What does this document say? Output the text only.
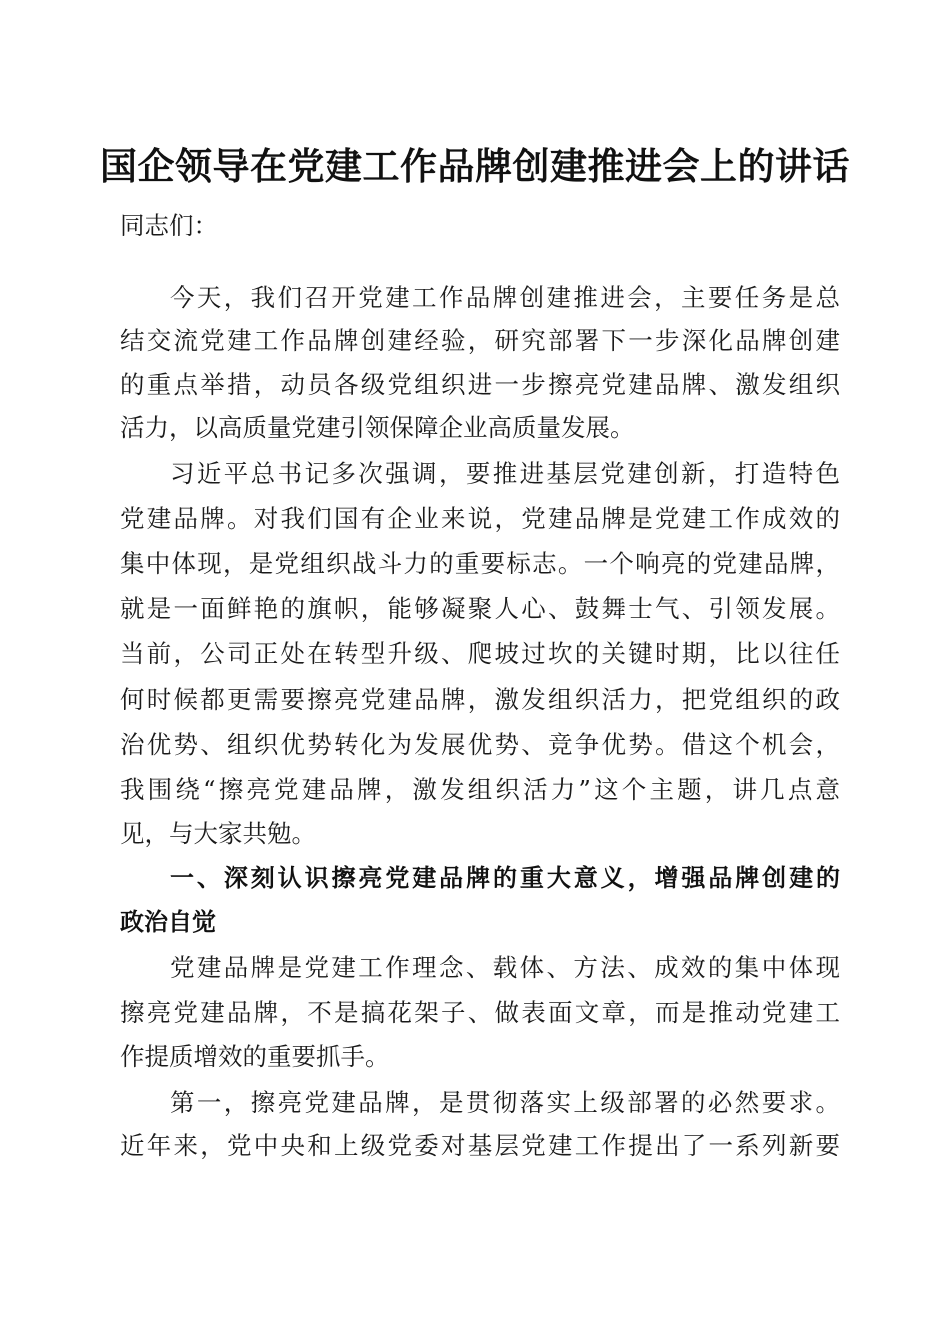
国企领导在党建工作品牌创建推进会上的讲话
同志们：
今天，我们召开党建工作品牌创建推进会，主要任务是总
结交流党建工作品牌创建经验，研究部署下一步深化品牌创建
的重点举措，动员各级党组织进一步擦亮党建品牌、激发组织
活力，以高质量党建引领保障企业高质量发展。
习近平总书记多次强调，要推进基层党建创新，打造特色
党建品牌。对我们国有企业来说，党建品牌是党建工作成效的
集中体现，是党组织战斗力的重要标志。一个响亮的党建品牌，
就是一面鲜艳的旗帜，能够凝聚人心、鼓舞士气、引领发展。
当前，公司正处在转型升级、爬坡过坎的关键时期，比以往任
何时候都更需要擦亮党建品牌，激发组织活力，把党组织的政
治优势、组织优势转化为发展优势、竞争优势。借这个机会，
我围绕“擦亮党建品牌，激发组织活力”这个主题，讲几点意
见，与大家共勉。
一、深刻认识擦亮党建品牌的重大意义，增强品牌创建的
政治自觉
党建品牌是党建工作理念、载体、方法、成效的集中体现
擦亮党建品牌，不是搞花架子、做表面文章，而是推动党建工
作提质增效的重要抓手。
第一，擦亮党建品牌，是贯彻落实上级部署的必然要求。
近年来，党中央和上级党委对基层党建工作提出了一系列新要
